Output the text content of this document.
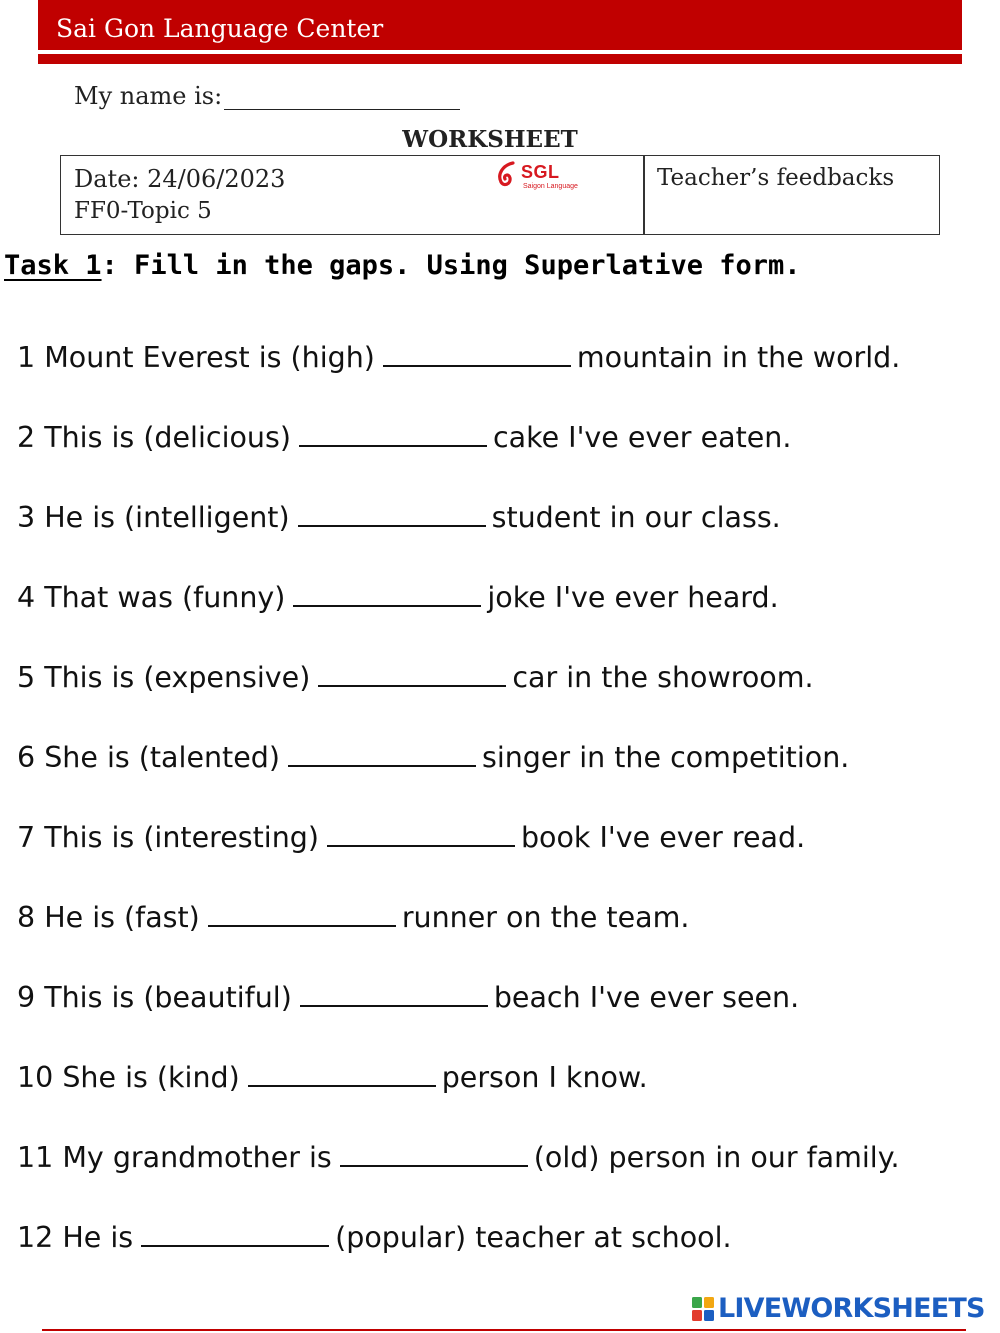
Sai Gon Language Center
My name is:
WORKSHEET
Date: 24/06/2023
FF0-Topic 5
SGL
Saigon Language	Teacher’s feedbacks
Task 1: Fill in the gaps. Using Superlative form.
1 Mount Everest is (high)	mountain in the world.
2 This is (delicious)	cake I've ever eaten.
3 He is (intelligent)	student in our class.
4 That was (funny)	joke I've ever heard.
5 This is (expensive)	car in the showroom.
6 She is (talented)	singer in the competition.
7 This is (interesting)	book I've ever read.
8 He is (fast)	runner on the team.
9 This is (beautiful)	beach I've ever seen.
10 She is (kind)	person I know.
11 My grandmother is	(old) person in our family.
12 He is	(popular) teacher at school.
LIVEWORKSHEETS
